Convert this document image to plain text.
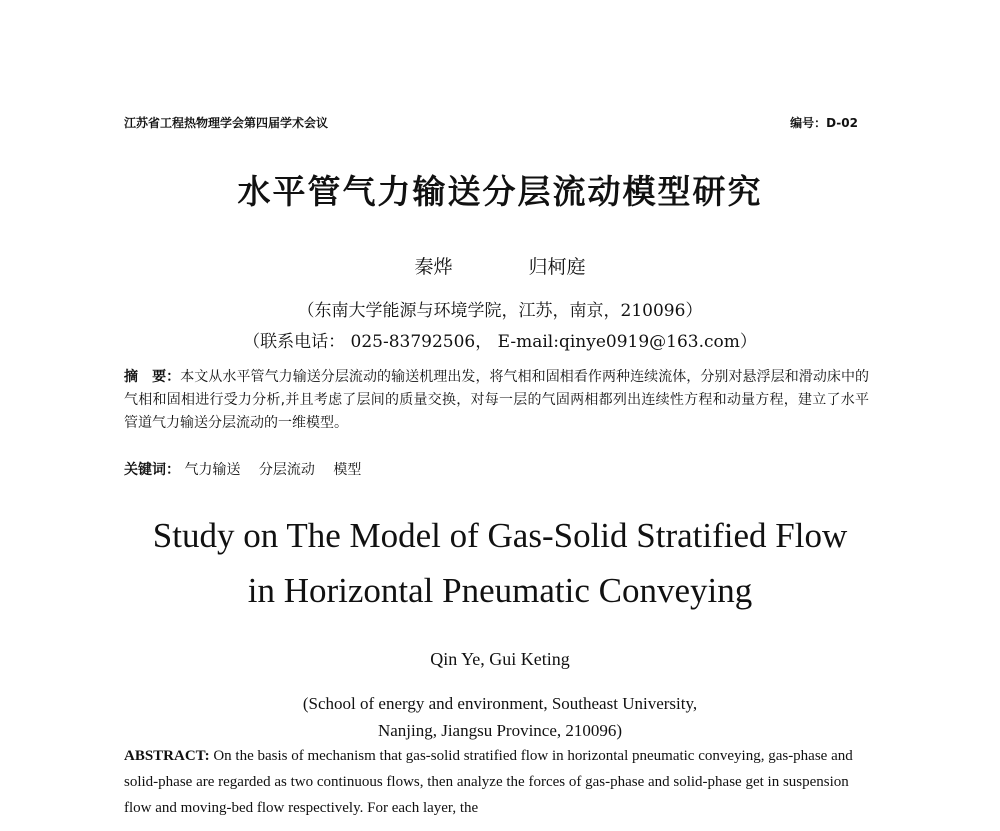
江苏省工程热物理学会第四届学术会议	编号：D-02
水平管气力输送分层流动模型研究
秦烨	归柯庭
（东南大学能源与环境学院，江苏，南京，210096）
（联系电话： 025-83792506， E-mail:qinye0919@163.com）
摘　要：本文从水平管气力输送分层流动的输送机理出发，将气相和固相看作两种连续流体，分别对悬浮层和滑动床中的气相和固相进行受力分析,并且考虑了层间的质量交换，对每一层的气固两相都列出连续性方程和动量方程，建立了水平管道气力输送分层流动的一维模型。
关键词： 气力输送 分层流动 模型
Study on The Model of Gas-Solid Stratified Flow
in Horizontal Pneumatic Conveying
Qin Ye, Gui Keting
(School of energy and environment, Southeast University,
Nanjing, Jiangsu Province, 210096)
ABSTRACT: On the basis of mechanism that gas-solid stratified flow in horizontal pneumatic conveying, gas-phase and solid-phase are regarded as two continuous flows, then analyze the forces of gas-phase and solid-phase get in suspension flow and moving-bed flow respectively. For each layer, the
